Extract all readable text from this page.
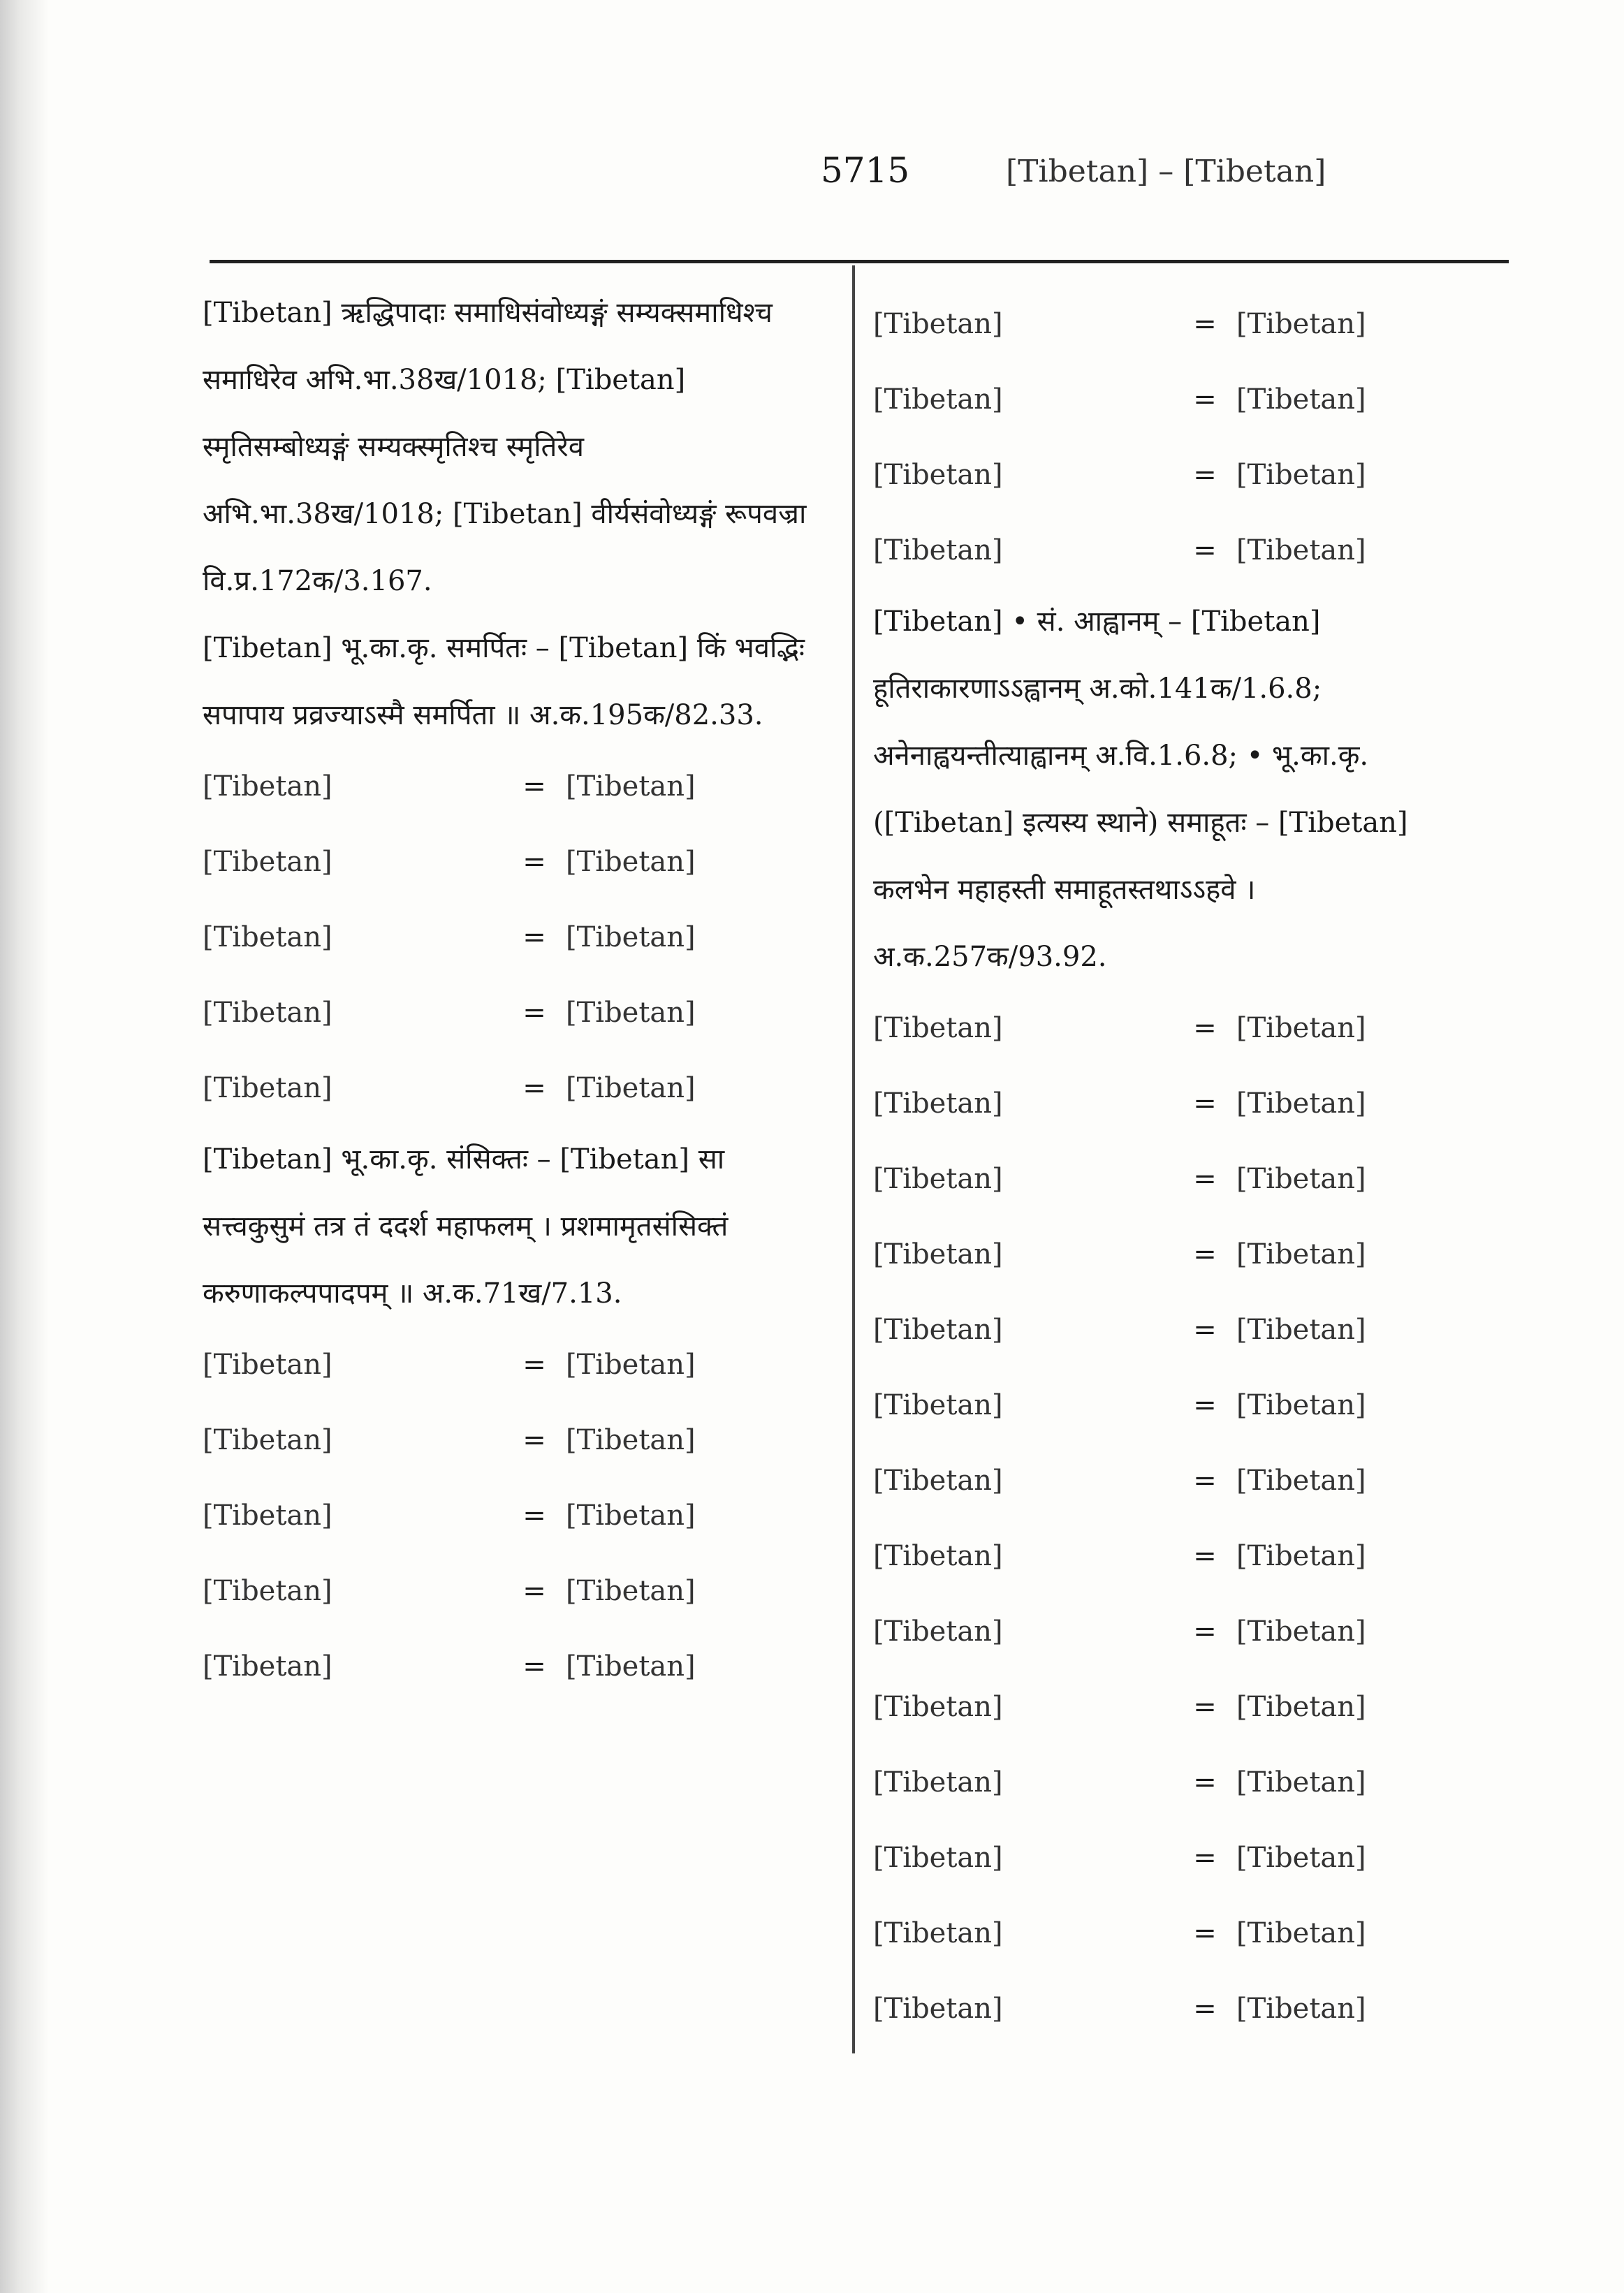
5715	[Tibetan] – [Tibetan]

[Tibetan] ऋद्धिपादाः समाधिसंवोध्यङ्गं सम्यक्समाधिश्च समाधिरेव अभि.भा.38ख/1018; [Tibetan] स्मृतिसम्बोध्यङ्गं सम्यक्स्मृतिश्च स्मृतिरेव अभि.भा.38ख/1018; [Tibetan] वीर्यसंवोध्यङ्गं रूपवज्रा वि.प्र.172क/3.167.

[Tibetan] भू.का.कृ. समर्पितः – [Tibetan] किं भवद्भिः सपापाय प्रव्रज्याऽस्मै समर्पिता ॥ अ.क.195क/82.33.

[Tibetan]	= [Tibetan]
[Tibetan]	= [Tibetan]
[Tibetan]	= [Tibetan]
[Tibetan]	= [Tibetan]
[Tibetan]	= [Tibetan]

[Tibetan] भू.का.कृ. संसिक्तः – [Tibetan] सा सत्त्वकुसुमं तत्र तं ददर्श महाफलम् । प्रशमामृतसंसिक्तं करुणाकल्पपादपम् ॥ अ.क.71ख/7.13.

[Tibetan]	= [Tibetan]
[Tibetan]	= [Tibetan]
[Tibetan]	= [Tibetan]
[Tibetan]	= [Tibetan]
[Tibetan]	= [Tibetan]
[Tibetan]	= [Tibetan]
[Tibetan]	= [Tibetan]
[Tibetan]	= [Tibetan]
[Tibetan]	= [Tibetan]

[Tibetan] • सं. आह्वानम् – [Tibetan] हूतिराकारणाऽऽह्वानम् अ.को.141क/1.6.8; अनेनाह्वयन्तीत्याह्वानम् अ.वि.1.6.8; • भू.का.कृ. ([Tibetan] इत्यस्य स्थाने) समाहूतः – [Tibetan] कलभेन महाहस्ती समाहूतस्तथाऽऽहवे । अ.क.257क/93.92.

[Tibetan]	= [Tibetan]
[Tibetan]	= [Tibetan]
[Tibetan]	= [Tibetan]
[Tibetan]	= [Tibetan]
[Tibetan]	= [Tibetan]
[Tibetan]	= [Tibetan]
[Tibetan]	= [Tibetan]
[Tibetan]	= [Tibetan]
[Tibetan]	= [Tibetan]
[Tibetan]	= [Tibetan]
[Tibetan]	= [Tibetan]
[Tibetan]	= [Tibetan]
[Tibetan]	= [Tibetan]
[Tibetan]	= [Tibetan]
